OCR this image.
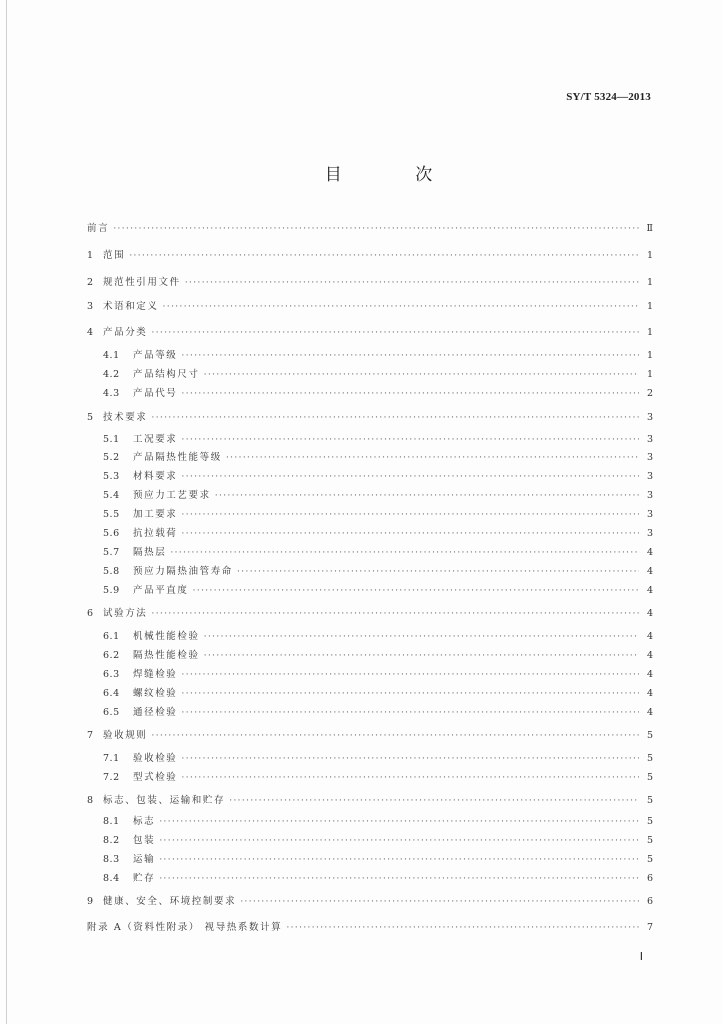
SY/T 5324—2013
目 次
前言 ·····	Ⅱ
1 范围 ·····	1
2 规范性引用文件 ·····	1
3 术语和定义 ·····	1
4 产品分类 ·····	1
4.1	产品等级 ·····	1
4.2	产品结构尺寸 ·····	1
4.3	产品代号 ·····	2
5 技术要求 ·····	3
5.1	工况要求 ·····	3
5.2	产品隔热性能等级 ·····	3
5.3	材料要求 ·····	3
5.4	预应力工艺要求 ·····	3
5.5	加工要求 ·····	3
5.6	抗拉载荷 ·····	3
5.7	隔热层 ·····	4
5.8	预应力隔热油管寿命 ·····	4
5.9	产品平直度 ·····	4
6 试验方法 ·····	4
6.1	机械性能检验 ·····	4
6.2	隔热性能检验 ·····	4
6.3	焊缝检验 ·····	4
6.4	螺纹检验 ·····	4
6.5	通径检验 ·····	4
7 验收规则 ·····	5
7.1	验收检验 ·····	5
7.2	型式检验 ·····	5
8 标志、包装、运输和贮存 ·····	5
8.1	标志 ·····	5
8.2	包装 ·····	5
8.3	运输 ·····	5
8.4	贮存 ·····	6
9 健康、安全、环境控制要求 ·····	6
附录 A（资料性附录） 视导热系数计算 ·····	7
Ⅰ
